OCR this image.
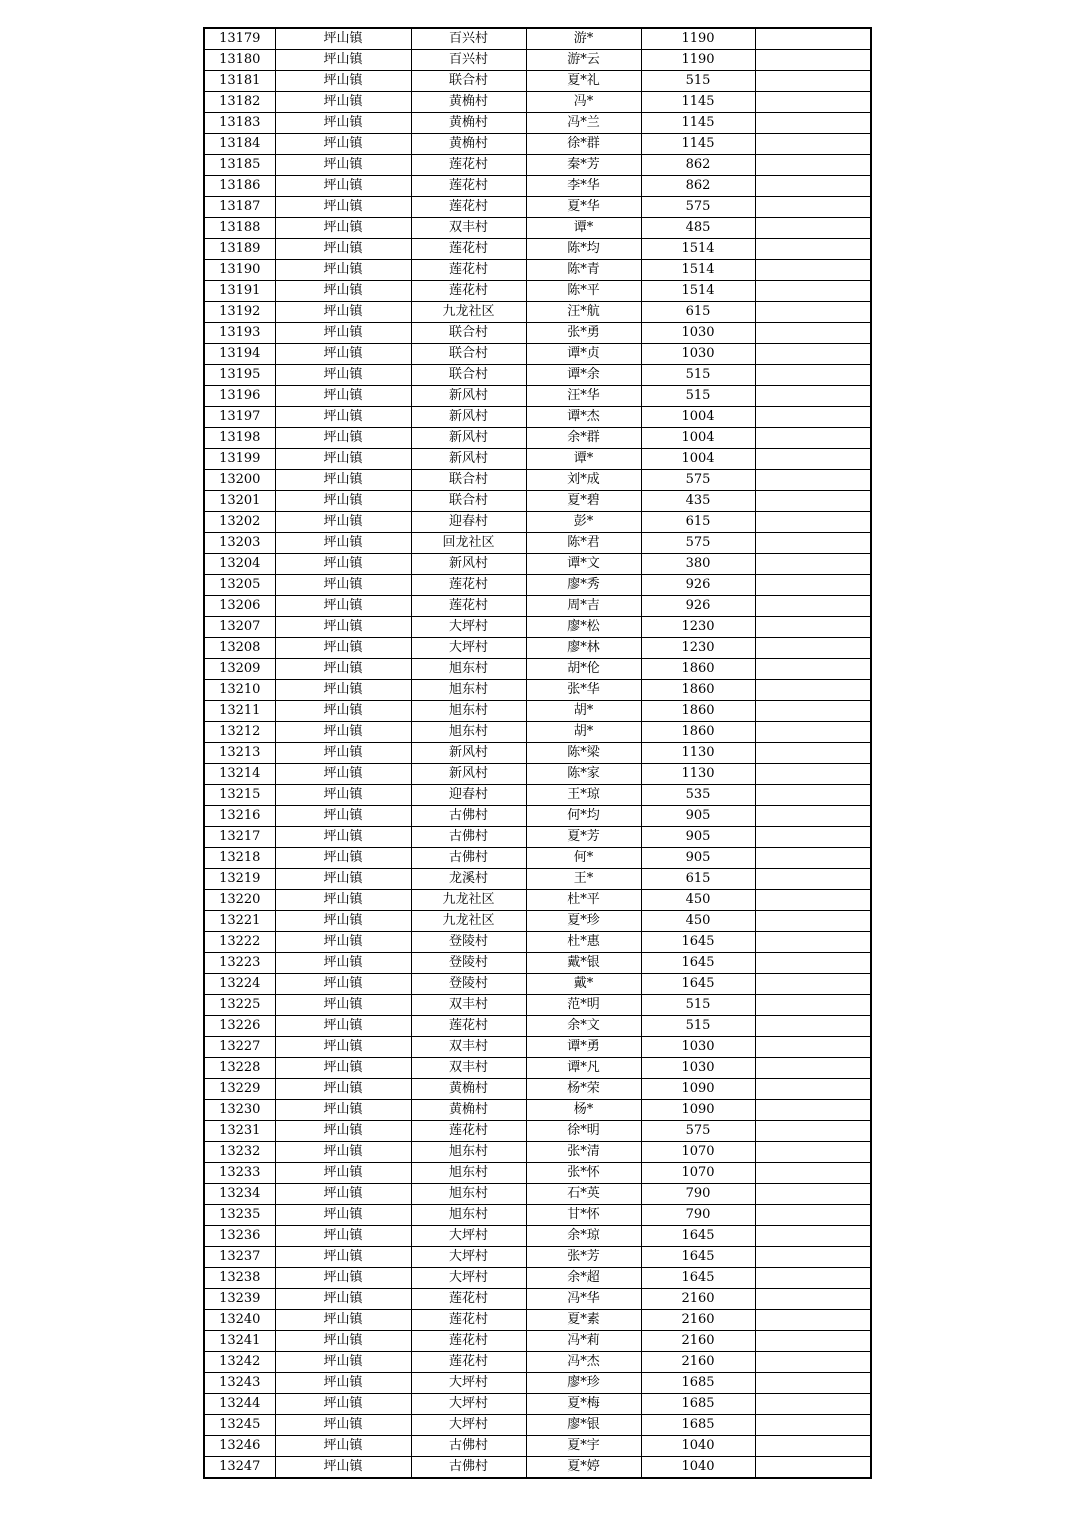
13179	坪山镇	百兴村	游*	1190	
13180	坪山镇	百兴村	游*云	1190	
13181	坪山镇	联合村	夏*礼	515	
13182	坪山镇	黄桷村	冯*	1145	
13183	坪山镇	黄桷村	冯*兰	1145	
13184	坪山镇	黄桷村	徐*群	1145	
13185	坪山镇	莲花村	秦*芳	862	
13186	坪山镇	莲花村	李*华	862	
13187	坪山镇	莲花村	夏*华	575	
13188	坪山镇	双丰村	谭*	485	
13189	坪山镇	莲花村	陈*均	1514	
13190	坪山镇	莲花村	陈*青	1514	
13191	坪山镇	莲花村	陈*平	1514	
13192	坪山镇	九龙社区	汪*航	615	
13193	坪山镇	联合村	张*勇	1030	
13194	坪山镇	联合村	谭*贞	1030	
13195	坪山镇	联合村	谭*余	515	
13196	坪山镇	新风村	汪*华	515	
13197	坪山镇	新风村	谭*杰	1004	
13198	坪山镇	新风村	余*群	1004	
13199	坪山镇	新风村	谭*	1004	
13200	坪山镇	联合村	刘*成	575	
13201	坪山镇	联合村	夏*碧	435	
13202	坪山镇	迎春村	彭*	615	
13203	坪山镇	回龙社区	陈*君	575	
13204	坪山镇	新风村	谭*文	380	
13205	坪山镇	莲花村	廖*秀	926	
13206	坪山镇	莲花村	周*吉	926	
13207	坪山镇	大坪村	廖*松	1230	
13208	坪山镇	大坪村	廖*林	1230	
13209	坪山镇	旭东村	胡*伦	1860	
13210	坪山镇	旭东村	张*华	1860	
13211	坪山镇	旭东村	胡*	1860	
13212	坪山镇	旭东村	胡*	1860	
13213	坪山镇	新风村	陈*梁	1130	
13214	坪山镇	新风村	陈*家	1130	
13215	坪山镇	迎春村	王*琼	535	
13216	坪山镇	古佛村	何*均	905	
13217	坪山镇	古佛村	夏*芳	905	
13218	坪山镇	古佛村	何*	905	
13219	坪山镇	龙溪村	王*	615	
13220	坪山镇	九龙社区	杜*平	450	
13221	坪山镇	九龙社区	夏*珍	450	
13222	坪山镇	登陵村	杜*惠	1645	
13223	坪山镇	登陵村	戴*银	1645	
13224	坪山镇	登陵村	戴*	1645	
13225	坪山镇	双丰村	范*明	515	
13226	坪山镇	莲花村	余*文	515	
13227	坪山镇	双丰村	谭*勇	1030	
13228	坪山镇	双丰村	谭*凡	1030	
13229	坪山镇	黄桷村	杨*荣	1090	
13230	坪山镇	黄桷村	杨*	1090	
13231	坪山镇	莲花村	徐*明	575	
13232	坪山镇	旭东村	张*清	1070	
13233	坪山镇	旭东村	张*怀	1070	
13234	坪山镇	旭东村	石*英	790	
13235	坪山镇	旭东村	甘*怀	790	
13236	坪山镇	大坪村	余*琼	1645	
13237	坪山镇	大坪村	张*芳	1645	
13238	坪山镇	大坪村	余*超	1645	
13239	坪山镇	莲花村	冯*华	2160	
13240	坪山镇	莲花村	夏*素	2160	
13241	坪山镇	莲花村	冯*莉	2160	
13242	坪山镇	莲花村	冯*杰	2160	
13243	坪山镇	大坪村	廖*珍	1685	
13244	坪山镇	大坪村	夏*梅	1685	
13245	坪山镇	大坪村	廖*银	1685	
13246	坪山镇	古佛村	夏*宇	1040	
13247	坪山镇	古佛村	夏*婷	1040	
